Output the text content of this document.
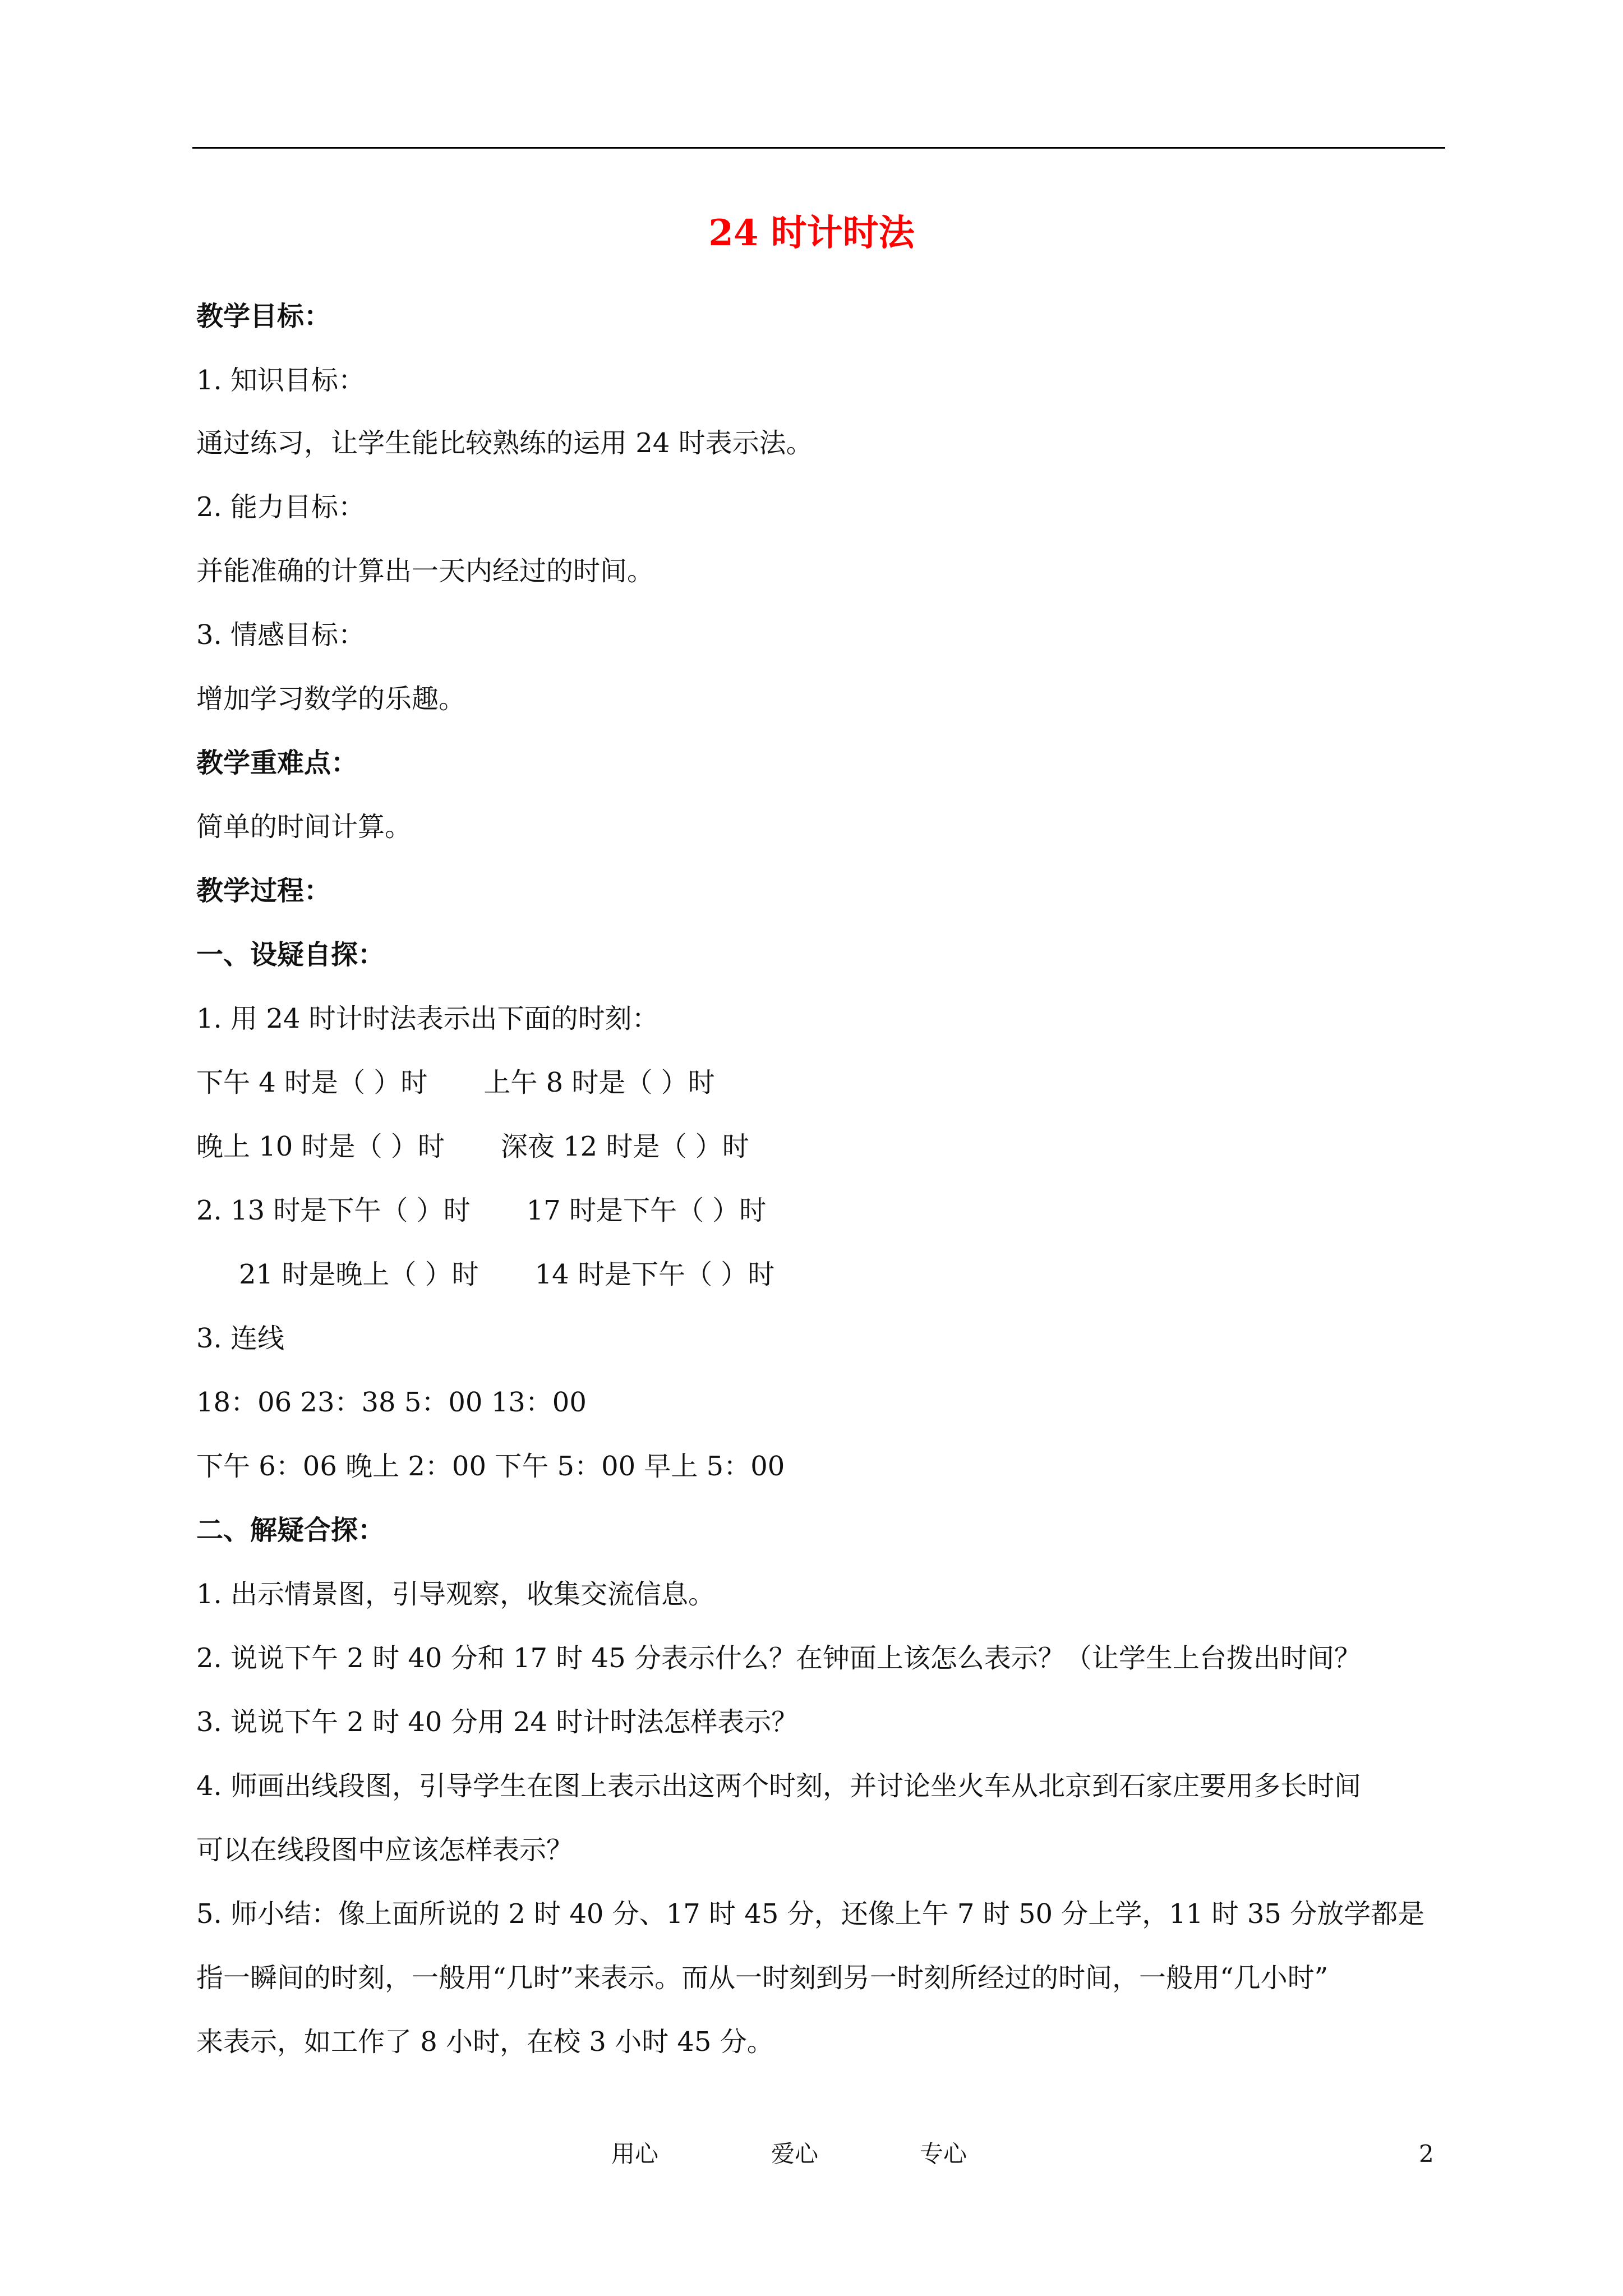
24 时计时法
教学目标：
1. 知识目标：
通过练习，让学生能比较熟练的运用 24 时表示法。
2. 能力目标：
并能准确的计算出一天内经过的时间。
3. 情感目标：
增加学习数学的乐趣。
教学重难点：
简单的时间计算。
教学过程：
一、设疑自探：
1. 用 24 时计时法表示出下面的时刻：
下午 4 时是（ ）时 上午 8 时是（ ）时
晚上 10 时是（ ）时 深夜 12 时是（ ）时
2. 13 时是下午（ ）时 17 时是下午（ ）时
21 时是晚上（ ）时 14 时是下午（ ）时
3. 连线
18：06 23：38 5：00 13：00
下午 6：06 晚上 2：00 下午 5：00 早上 5：00
二、解疑合探：
1. 出示情景图，引导观察，收集交流信息。
2. 说说下午 2 时 40 分和 17 时 45 分表示什么？在钟面上该怎么表示？（让学生上台拨出时间？
3. 说说下午 2 时 40 分用 24 时计时法怎样表示？
4. 师画出线段图，引导学生在图上表示出这两个时刻，并讨论坐火车从北京到石家庄要用多长时间
可以在线段图中应该怎样表示？
5. 师小结：像上面所说的 2 时 40 分、17 时 45 分，还像上午 7 时 50 分上学，11 时 35 分放学都是
指一瞬间的时刻，一般用“几时”来表示。而从一时刻到另一时刻所经过的时间，一般用“几小时”
来表示，如工作了 8 小时，在校 3 小时 45 分。
用心	爱心	专心	2
